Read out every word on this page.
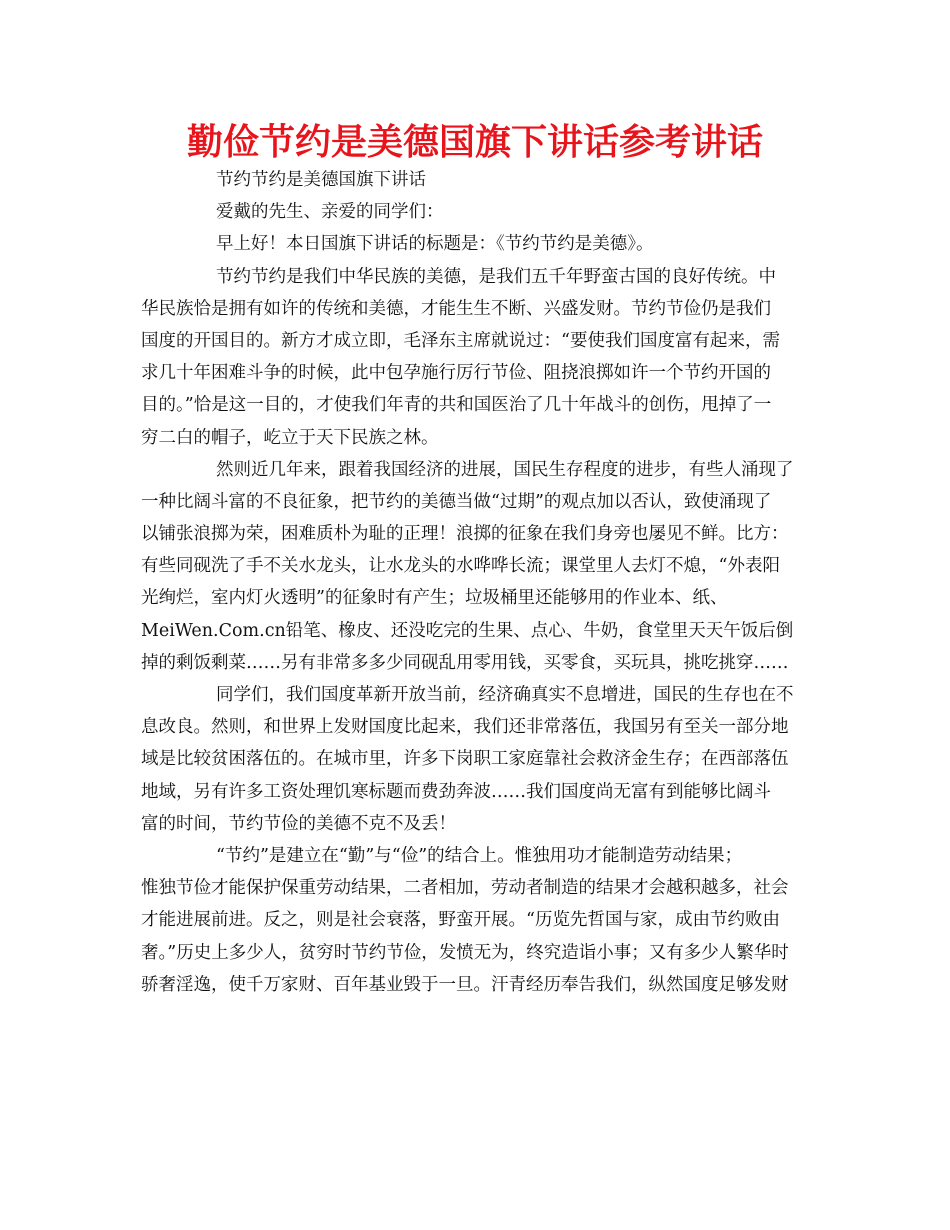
勤俭节约是美德国旗下讲话参考讲话
节约节约是美德国旗下讲话
爱戴的先生、亲爱的同学们：
早上好！本日国旗下讲话的标题是：《节约节约是美德》。
节约节约是我们中华民族的美德，是我们五千年野蛮古国的良好传统。中
华民族恰是拥有如许的传统和美德，才能生生不断、兴盛发财。节约节俭仍是我们
国度的开国目的。新方才成立即，毛泽东主席就说过：“要使我们国度富有起来，需
求几十年困难斗争的时候，此中包孕施行厉行节俭、阻挠浪掷如许一个节约开国的
目的。”恰是这一目的，才使我们年青的共和国医治了几十年战斗的创伤，甩掉了一
穷二白的帽子，屹立于天下民族之林。
然则近几年来，跟着我国经济的进展，国民生存程度的进步，有些人涌现了
一种比阔斗富的不良征象，把节约的美德当做“过期”的观点加以否认，致使涌现了
以铺张浪掷为荣，困难质朴为耻的正理！浪掷的征象在我们身旁也屡见不鲜。比方：
有些同砚洗了手不关水龙头，让水龙头的水哗哗长流；课堂里人去灯不熄，“外表阳
光绚烂，室内灯火透明”的征象时有产生；垃圾桶里还能够用的作业本、纸、
MeiWen.Com.cn铅笔、橡皮、还没吃完的生果、点心、牛奶，食堂里天天午饭后倒
掉的剩饭剩菜……另有非常多多少同砚乱用零用钱，买零食，买玩具，挑吃挑穿……
同学们，我们国度革新开放当前，经济确真实不息增进，国民的生存也在不
息改良。然则，和世界上发财国度比起来，我们还非常落伍，我国另有至关一部分地
域是比较贫困落伍的。在城市里，许多下岗职工家庭靠社会救济金生存；在西部落伍
地域，另有许多工资处理饥寒标题而费劲奔波……我们国度尚无富有到能够比阔斗
富的时间，节约节俭的美德不克不及丢！
“节约”是建立在“勤”与“俭”的结合上。惟独用功才能制造劳动结果；
惟独节俭才能保护保重劳动结果，二者相加，劳动者制造的结果才会越积越多，社会
才能进展前进。反之，则是社会衰落，野蛮开展。“历览先哲国与家，成由节约败由
奢。”历史上多少人，贫穷时节约节俭，发愤无为，终究造诣小事；又有多少人繁华时
骄奢淫逸，使千万家财、百年基业毁于一旦。汗青经历奉告我们，纵然国度足够发财
